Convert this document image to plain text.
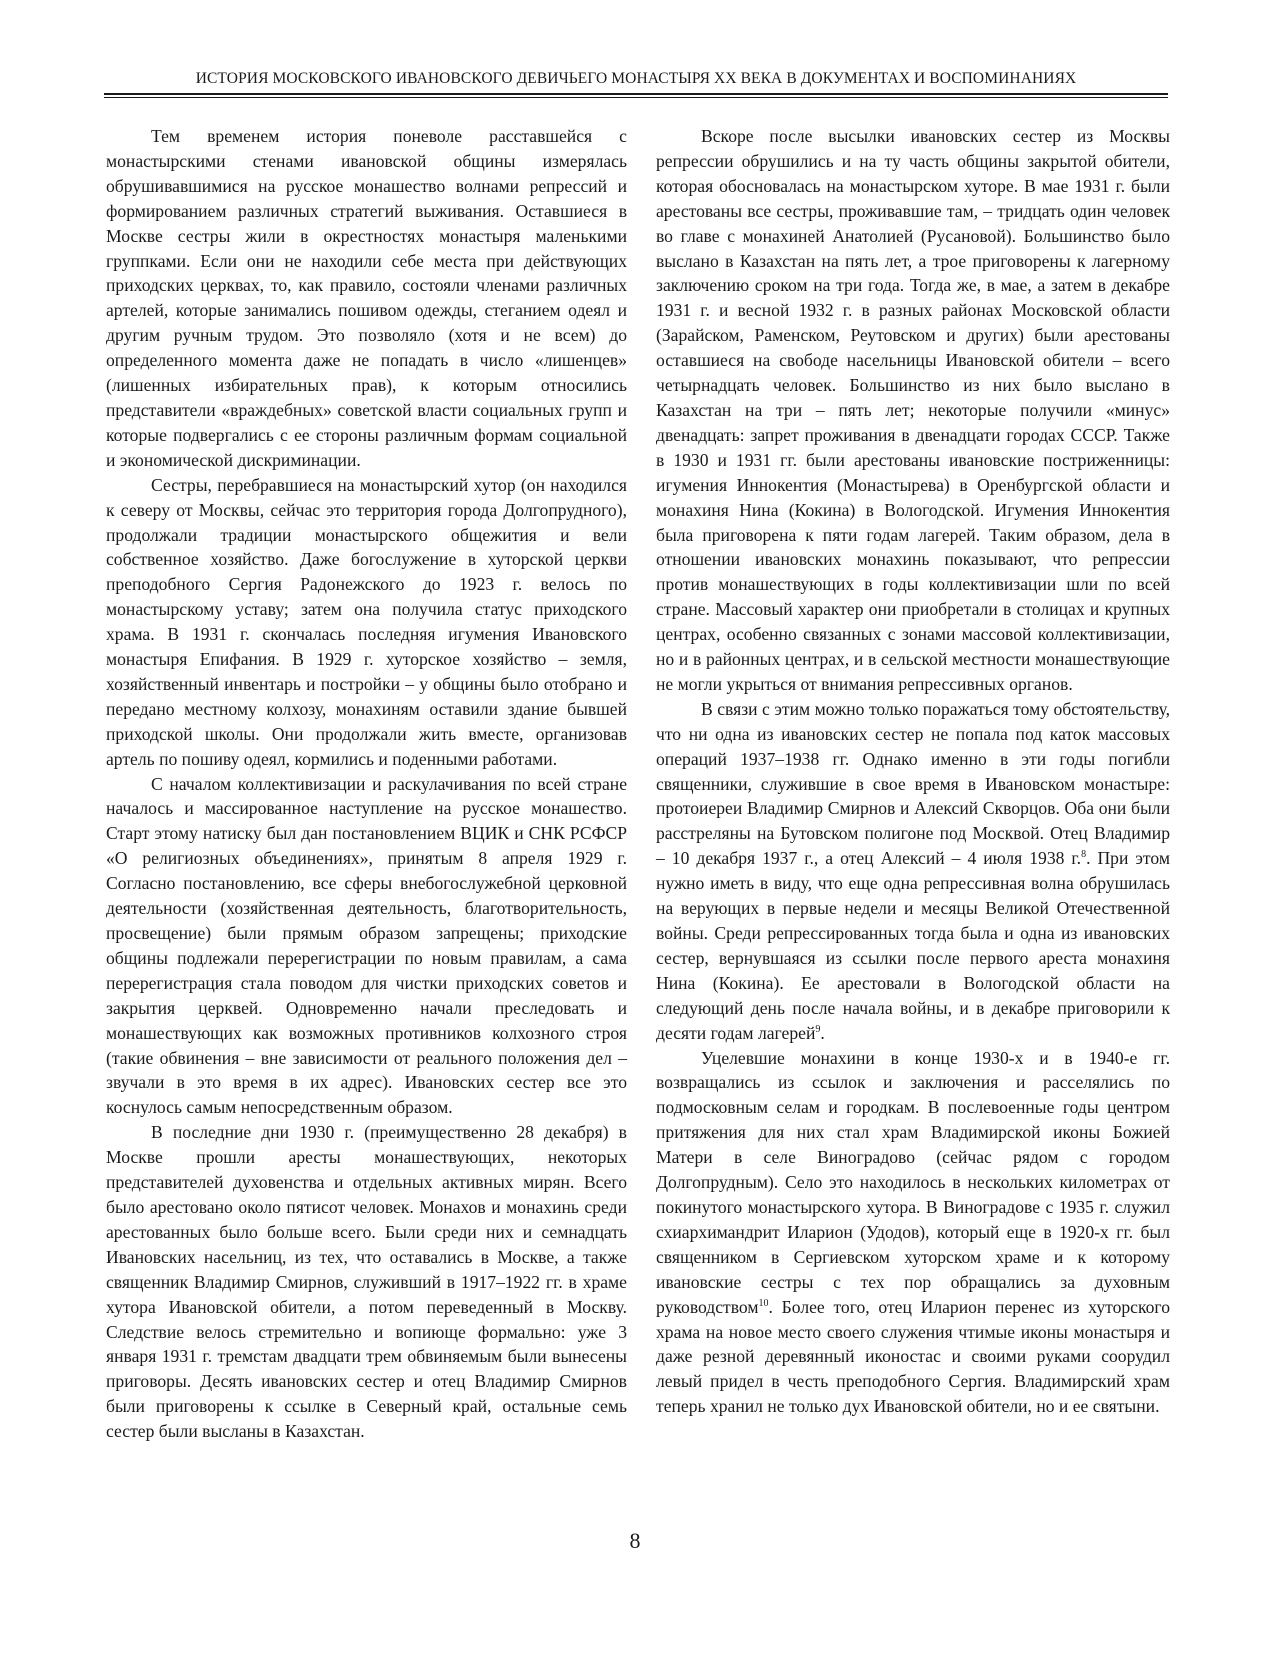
ИСТОРИЯ МОСКОВСКОГО ИВАНОВСКОГО ДЕВИЧЬЕГО МОНАСТЫРЯ XX ВЕКА В ДОКУМЕНТАХ И ВОСПОМИНАНИЯХ

Тем временем история поневоле расставшейся с монастырскими стенами ивановской общины измерялась обрушивавшимися на русское монашество волнами репрессий и формированием различных стратегий выживания. Оставшиеся в Москве сестры жили в окрестностях монастыря маленькими группками. Если они не находили себе места при действующих приходских церквах, то, как правило, состояли членами различных артелей, которые занимались пошивом одежды, стеганием одеял и другим ручным трудом. Это позволяло (хотя и не всем) до определенного момента даже не попадать в число «лишенцев» (лишенных избирательных прав), к которым относились представители «враждебных» советской власти социальных групп и которые подвергались с ее стороны различным формам социальной и экономической дискриминации.

Сестры, перебравшиеся на монастырский хутор (он находился к северу от Москвы, сейчас это территория города Долгопрудного), продолжали традиции монастырского общежития и вели собственное хозяйство. Даже богослужение в хуторской церкви преподобного Сергия Радонежского до 1923 г. велось по монастырскому уставу; затем она получила статус приходского храма. В 1931 г. скончалась последняя игумения Ивановского монастыря Епифания. В 1929 г. хуторское хозяйство – земля, хозяйственный инвентарь и постройки – у общины было отобрано и передано местному колхозу, монахиням оставили здание бывшей приходской школы. Они продолжали жить вместе, организовав артель по пошиву одеял, кормились и поденными работами.

С началом коллективизации и раскулачивания по всей стране началось и массированное наступление на русское монашество. Старт этому натиску был дан постановлением ВЦИК и СНК РСФСР «О религиозных объединениях», принятым 8 апреля 1929 г. Согласно постановлению, все сферы внебогослужебной церковной деятельности (хозяйственная деятельность, благотворительность, просвещение) были прямым образом запрещены; приходские общины подлежали перерегистрации по новым правилам, а сама перерегистрация стала поводом для чистки приходских советов и закрытия церквей. Одновременно начали преследовать и монашествующих как возможных противников колхозного строя (такие обвинения – вне зависимости от реального положения дел – звучали в это время в их адрес). Ивановских сестер все это коснулось самым непосредственным образом.

В последние дни 1930 г. (преимущественно 28 декабря) в Москве прошли аресты монашествующих, некоторых представителей духовенства и отдельных активных мирян. Всего было арестовано около пятисот человек. Монахов и монахинь среди арестованных было больше всего. Были среди них и семнадцать Ивановских насельниц, из тех, что оставались в Москве, а также священник Владимир Смирнов, служивший в 1917–1922 гг. в храме хутора Ивановской обители, а потом переведенный в Москву. Следствие велось стремительно и вопиюще формально: уже 3 января 1931 г. тремстам двадцати трем обвиняемым были вынесены приговоры. Десять ивановских сестер и отец Владимир Смирнов были приговорены к ссылке в Северный край, остальные семь сестер были высланы в Казахстан.

Вскоре после высылки ивановских сестер из Москвы репрессии обрушились и на ту часть общины закрытой обители, которая обосновалась на монастырском хуторе. В мае 1931 г. были арестованы все сестры, проживавшие там, – тридцать один человек во главе с монахиней Анатолией (Русановой). Большинство было выслано в Казахстан на пять лет, а трое приговорены к лагерному заключению сроком на три года. Тогда же, в мае, а затем в декабре 1931 г. и весной 1932 г. в разных районах Московской области (Зарайском, Раменском, Реутовском и других) были арестованы оставшиеся на свободе насельницы Ивановской обители – всего четырнадцать человек. Большинство из них было выслано в Казахстан на три – пять лет; некоторые получили «минус» двенадцать: запрет проживания в двенадцати городах СССР. Также в 1930 и 1931 гг. были арестованы ивановские постриженницы: игумения Иннокентия (Монастырева) в Оренбургской области и монахиня Нина (Кокина) в Вологодской. Игумения Иннокентия была приговорена к пяти годам лагерей. Таким образом, дела в отношении ивановских монахинь показывают, что репрессии против монашествующих в годы коллективизации шли по всей стране. Массовый характер они приобретали в столицах и крупных центрах, особенно связанных с зонами массовой коллективизации, но и в районных центрах, и в сельской местности монашествующие не могли укрыться от внимания репрессивных органов.

В связи с этим можно только поражаться тому обстоятельству, что ни одна из ивановских сестер не попала под каток массовых операций 1937–1938 гг. Однако именно в эти годы погибли священники, служившие в свое время в Ивановском монастыре: протоиереи Владимир Смирнов и Алексий Скворцов. Оба они были расстреляны на Бутовском полигоне под Москвой. Отец Владимир – 10 декабря 1937 г., а отец Алексий – 4 июля 1938 г.$^8$. При этом нужно иметь в виду, что еще одна репрессивная волна обрушилась на верующих в первые недели и месяцы Великой Отечественной войны. Среди репрессированных тогда была и одна из ивановских сестер, вернувшаяся из ссылки после первого ареста монахиня Нина (Кокина). Ее арестовали в Вологодской области на следующий день после начала войны, и в декабре приговорили к десяти годам лагерей$^9$.

Уцелевшие монахини в конце 1930-х и в 1940-е гг. возвращались из ссылок и заключения и расселялись по подмосковным селам и городкам. В послевоенные годы центром притяжения для них стал храм Владимирской иконы Божией Матери в селе Виноградово (сейчас рядом с городом Долгопрудным). Село это находилось в нескольких километрах от покинутого монастырского хутора. В Виноградове с 1935 г. служил схиархимандрит Иларион (Удодов), который еще в 1920-х гг. был священником в Сергиевском хуторском храме и к которому ивановские сестры с тех пор обращались за духовным руководством$^{10}$. Более того, отец Иларион перенес из хуторского храма на новое место своего служения чтимые иконы монастыря и даже резной деревянный иконостас и своими руками соорудил левый придел в честь преподобного Сергия. Владимирский храм теперь хранил не только дух Ивановской обители, но и ее святыни.

8
